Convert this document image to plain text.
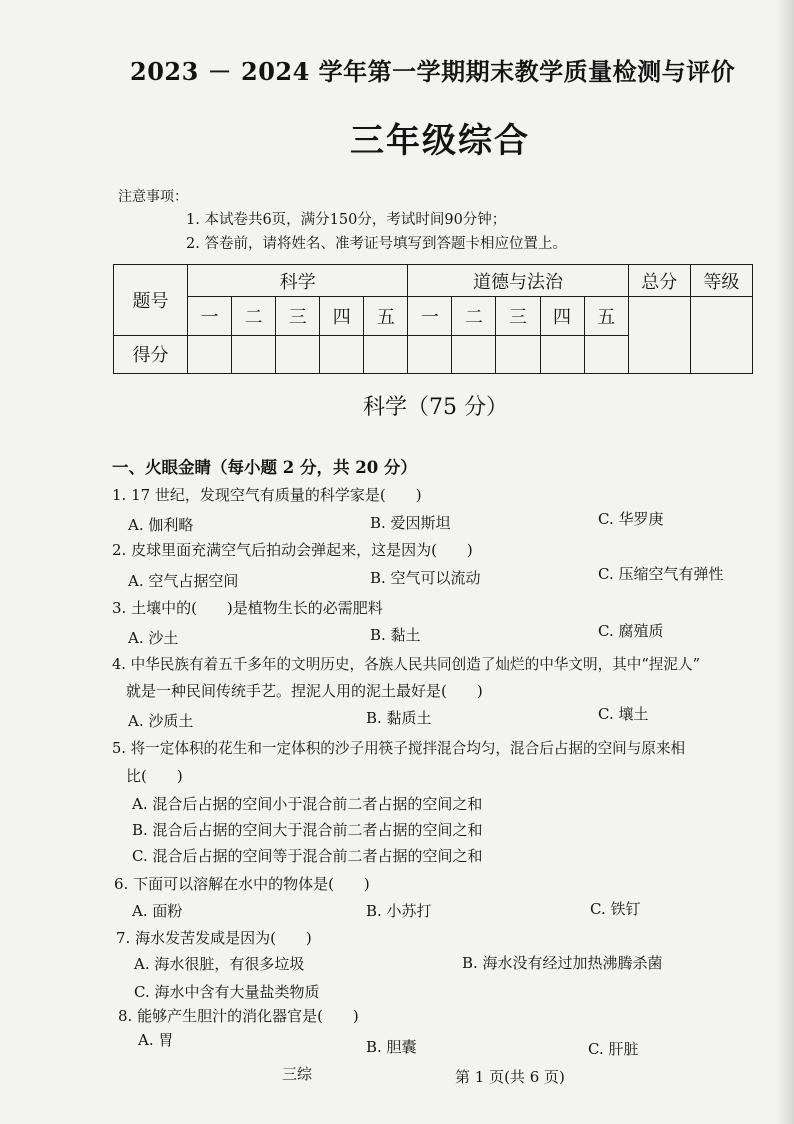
2023 － 2024 学年第一学期期末教学质量检测与评价
三年级综合
注意事项：
1. 本试卷共6页，满分150分，考试时间90分钟；
2. 答卷前，请将姓名、准考证号填写到答题卡相应位置上。
题号	科学					道德与法治					总分	等级
	一	二	三	四	五	一	二	三	四	五		
得分												
科学（75 分）
一、火眼金睛（每小题 2 分，共 20 分）
1. 17 世纪，发现空气有质量的科学家是(　　)
A. 伽利略	B. 爱因斯坦	C. 华罗庚
2. 皮球里面充满空气后拍动会弹起来，这是因为(　　)
A. 空气占据空间	B. 空气可以流动	C. 压缩空气有弹性
3. 土壤中的(　　)是植物生长的必需肥料
A. 沙土	B. 黏土	C. 腐殖质
4. 中华民族有着五千多年的文明历史，各族人民共同创造了灿烂的中华文明，其中“捏泥人”
就是一种民间传统手艺。捏泥人用的泥土最好是(　　)
A. 沙质土	B. 黏质土	C. 壤土
5. 将一定体积的花生和一定体积的沙子用筷子搅拌混合均匀，混合后占据的空间与原来相
比(　　)
A. 混合后占据的空间小于混合前二者占据的空间之和
B. 混合后占据的空间大于混合前二者占据的空间之和
C. 混合后占据的空间等于混合前二者占据的空间之和
6. 下面可以溶解在水中的物体是(　　)
A. 面粉	B. 小苏打	C. 铁钉
7. 海水发苦发咸是因为(　　)
A. 海水很脏，有很多垃圾	B. 海水没有经过加热沸腾杀菌
C. 海水中含有大量盐类物质
8. 能够产生胆汁的消化器官是(　　)
A. 胃	B. 胆囊	C. 肝脏
三综	第 1 页(共 6 页)
